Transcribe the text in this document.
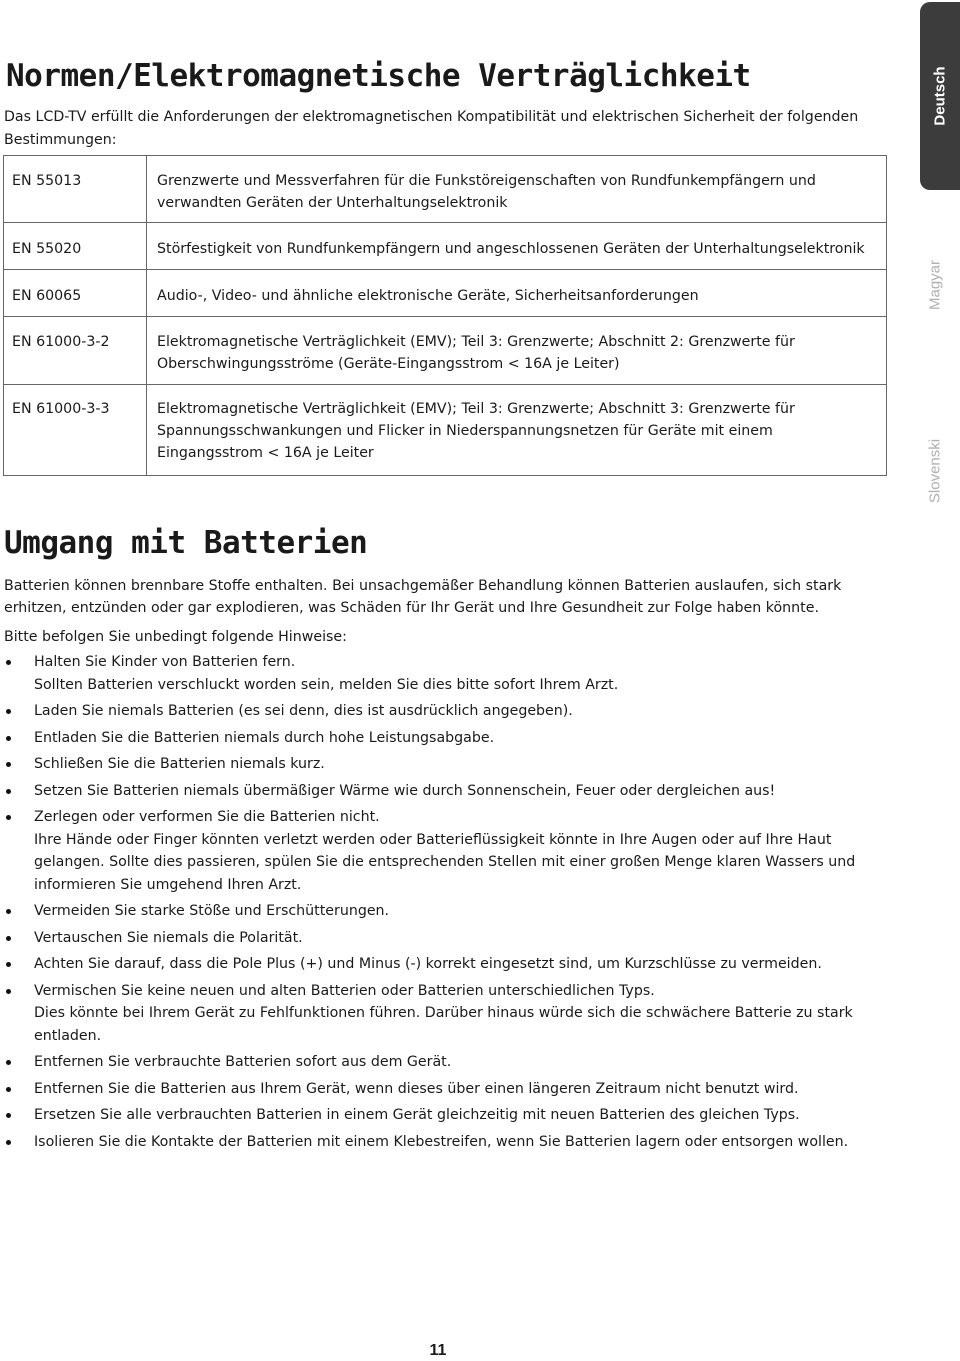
Normen/Elektromagnetische Verträglichkeit

Das LCD-TV erfüllt die Anforderungen der elektromagnetischen Kompatibilität und elektrischen Sicherheit der folgenden Bestimmungen:

EN 55013	Grenzwerte und Messverfahren für die Funkstöreigenschaften von Rundfunkempfängern und
verwandten Geräten der Unterhaltungselektronik

EN 55020	Störfestigkeit von Rundfunkempfängern und angeschlossenen Geräten der Unterhaltungselektronik

EN 60065	Audio-, Video- und ähnliche elektronische Geräte, Sicherheitsanforderungen

EN 61000-3-2	Elektromagnetische Verträglichkeit (EMV); Teil 3: Grenzwerte; Abschnitt 2: Grenzwerte für
Oberschwingungsströme (Geräte-Eingangsstrom < 16A je Leiter)

EN 61000-3-3	Elektromagnetische Verträglichkeit (EMV); Teil 3: Grenzwerte; Abschnitt 3: Grenzwerte für
Spannungsschwankungen und Flicker in Niederspannungsnetzen für Geräte mit einem
Eingangsstrom < 16A je Leiter
Umgang mit Batterien
Batterien können brennbare Stoffe enthalten. Bei unsachgemäßer Behandlung können Batterien auslaufen, sich stark
erhitzen, entzünden oder gar explodieren, was Schäden für Ihr Gerät und Ihre Gesundheit zur Folge haben könnte.
Bitte befolgen Sie unbedingt folgende Hinweise:
Halten Sie Kinder von Batterien fern.
Sollten Batterien verschluckt worden sein, melden Sie dies bitte sofort Ihrem Arzt.
Laden Sie niemals Batterien (es sei denn, dies ist ausdrücklich angegeben).
Entladen Sie die Batterien niemals durch hohe Leistungsabgabe.
Schließen Sie die Batterien niemals kurz.
Setzen Sie Batterien niemals übermäßiger Wärme wie durch Sonnenschein, Feuer oder dergleichen aus!
Zerlegen oder verformen Sie die Batterien nicht.
Ihre Hände oder Finger könnten verletzt werden oder Batterieflüssigkeit könnte in Ihre Augen oder auf Ihre Haut
gelangen. Sollte dies passieren, spülen Sie die entsprechenden Stellen mit einer großen Menge klaren Wassers und
informieren Sie umgehend Ihren Arzt.
Vermeiden Sie starke Stöße und Erschütterungen.
Vertauschen Sie niemals die Polarität.
Achten Sie darauf, dass die Pole Plus (+) und Minus (-) korrekt eingesetzt sind, um Kurzschlüsse zu vermeiden.
Vermischen Sie keine neuen und alten Batterien oder Batterien unterschiedlichen Typs.
Dies könnte bei Ihrem Gerät zu Fehlfunktionen führen. Darüber hinaus würde sich die schwächere Batterie zu stark
entladen.
Entfernen Sie verbrauchte Batterien sofort aus dem Gerät.
Entfernen Sie die Batterien aus Ihrem Gerät, wenn dieses über einen längeren Zeitraum nicht benutzt wird.
Ersetzen Sie alle verbrauchten Batterien in einem Gerät gleichzeitig mit neuen Batterien des gleichen Typs.
Isolieren Sie die Kontakte der Batterien mit einem Klebestreifen, wenn Sie Batterien lagern oder entsorgen wollen.
Deutsch
Magyar
Slovenski
11
